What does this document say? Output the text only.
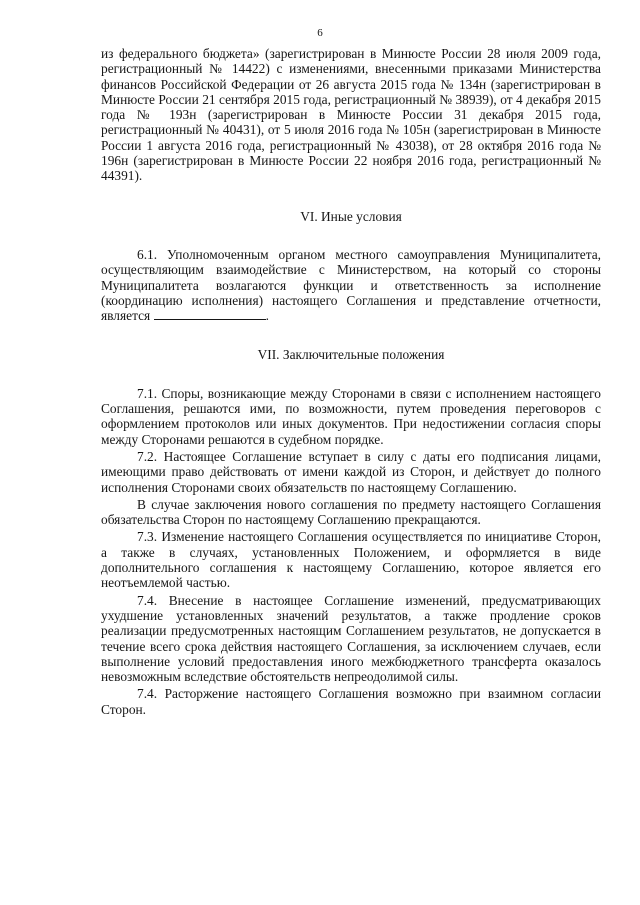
6

из федерального бюджета» (зарегистрирован в Минюсте России 28 июля 2009 года, регистрационный № 14422) с изменениями, внесенными приказами Министерства финансов Российской Федерации от 26 августа 2015 года № 134н (зарегистрирован в Минюсте России 21 сентября 2015 года, регистрационный № 38939), от 4 декабря 2015 года № 193н (зарегистрирован в Минюсте России 31 декабря 2015 года, регистрационный № 40431), от 5 июля 2016 года № 105н (зарегистрирован в Минюсте России 1 августа 2016 года, регистрационный № 43038), от 28 октября 2016 года № 196н (зарегистрирован в Минюсте России 22 ноября 2016 года, регистрационный № 44391).

VI. Иные условия

6.1. Уполномоченным органом местного самоуправления Муниципалитета, осуществляющим взаимодействие с Министерством, на который со стороны Муниципалитета возлагаются функции и ответственность за исполнение (координацию исполнения) настоящего Соглашения и представление отчетности, является	.

VII. Заключительные положения

7.1. Споры, возникающие между Сторонами в связи с исполнением настоящего Соглашения, решаются ими, по возможности, путем проведения переговоров с оформлением протоколов или иных документов. При недостижении согласия споры между Сторонами решаются в судебном порядке.

7.2. Настоящее Соглашение вступает в силу с даты его подписания лицами, имеющими право действовать от имени каждой из Сторон, и действует до полного исполнения Сторонами своих обязательств по настоящему Соглашению.

В случае заключения нового соглашения по предмету настоящего Соглашения обязательства Сторон по настоящему Соглашению прекращаются.

7.3. Изменение настоящего Соглашения осуществляется по инициативе Сторон, а также в случаях, установленных Положением, и оформляется в виде дополнительного соглашения к настоящему Соглашению, которое является его неотъемлемой частью.

7.4. Внесение в настоящее Соглашение изменений, предусматривающих ухудшение установленных значений результатов, а также продление сроков реализации предусмотренных настоящим Соглашением результатов, не допускается в течение всего срока действия настоящего Соглашения, за исключением случаев, если выполнение условий предоставления иного межбюджетного трансферта оказалось невозможным вследствие обстоятельств непреодолимой силы.

7.4. Расторжение настоящего Соглашения возможно при взаимном согласии Сторон.
